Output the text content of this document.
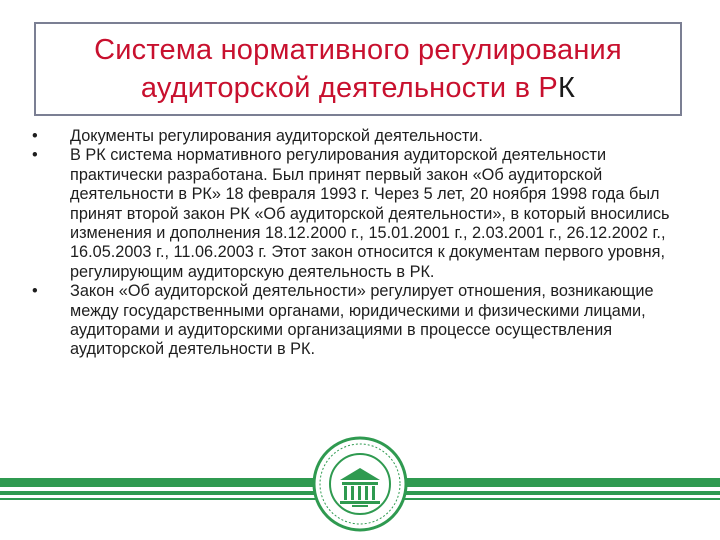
Система нормативного регулирования
аудиторской деятельности в РК
•	Документы регулирования аудиторской деятельности.
•	В РК система нормативного регулирования аудиторской деятельности практически разработана. Был принят первый закон «Об аудиторской деятельности в РК» 18 февраля 1993 г. Через 5 лет, 20 ноября 1998 года был принят второй закон РК «Об аудиторской деятельности», в который вносились изменения и дополнения 18.12.2000 г., 15.01.2001 г., 2.03.2001 г., 26.12.2002 г., 16.05.2003 г., 11.06.2003 г. Этот закон относится к документам первого уровня, регулирующим аудиторскую деятельность в РК.
•	Закон «Об аудиторской деятельности» регулирует отношения, возникающие между государственными органами, юридическими и физическими лицами, аудиторами и аудиторскими организациями в процессе осуществления аудиторской деятельности в РК.
